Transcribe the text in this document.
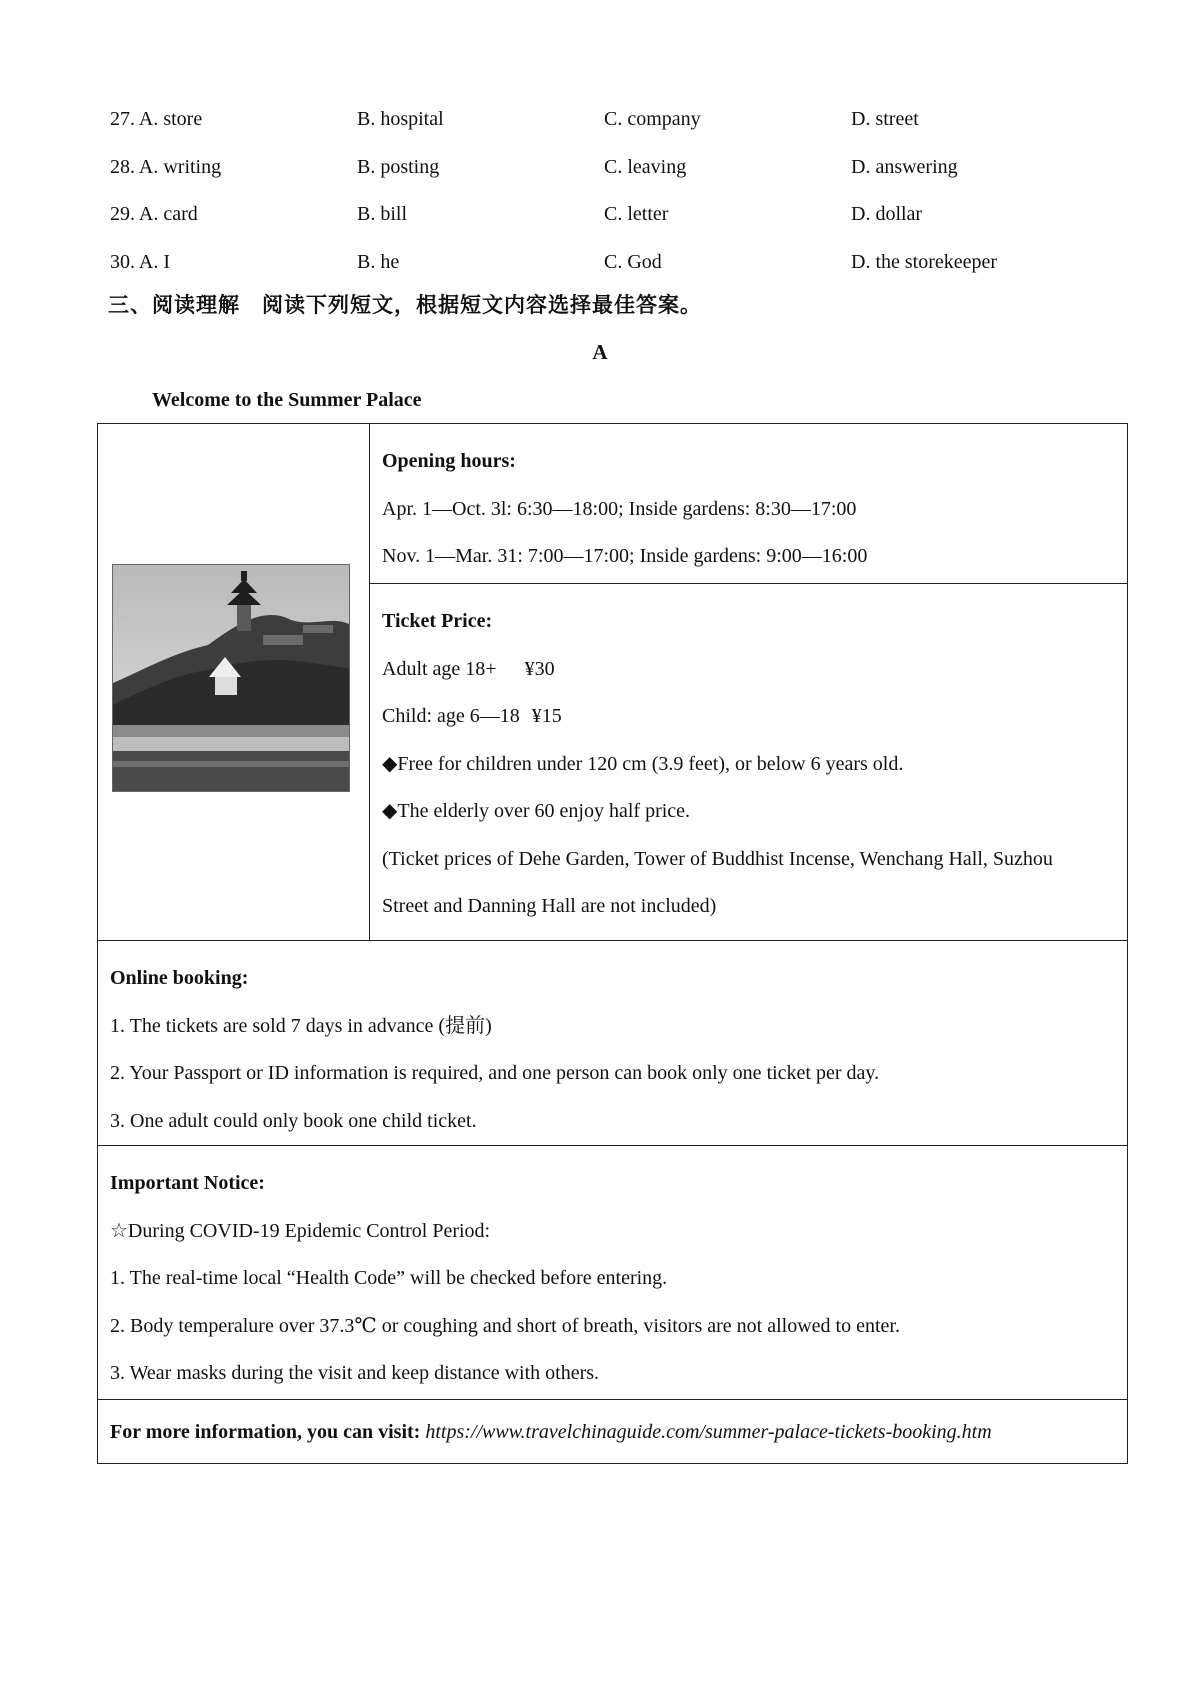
27. A. store	B. hospital	C. company	D. street
28. A. writing	B. posting	C. leaving	D. answering
29. A. card	B. bill	C. letter	D. dollar
30. A. I	B. he	C. God	D. the storekeeper
三、阅读理解　阅读下列短文，根据短文内容选择最佳答案。
A
Welcome to the Summer Palace
Opening hours:
Apr. 1—Oct. 3l: 6:30—18:00; Inside gardens: 8:30—17:00
Nov. 1—Mar. 31: 7:00—17:00; Inside gardens: 9:00—16:00
Ticket Price:
Adult age 18+ ¥30
Child: age 6—18 ¥15
◆Free for children under 120 cm (3.9 feet), or below 6 years old.
◆The elderly over 60 enjoy half price.
(Ticket prices of Dehe Garden, Tower of Buddhist Incense, Wenchang Hall, Suzhou
Street and Danning Hall are not included)
Online booking:
1. The tickets are sold 7 days in advance (提前)
2. Your Passport or ID information is required, and one person can book only one ticket per day.
3. One adult could only book one child ticket.
Important Notice:
☆During COVID-19 Epidemic Control Period:
1. The real-time local “Health Code” will be checked before entering.
2. Body temperalure over 37.3℃ or coughing and short of breath, visitors are not allowed to enter.
3. Wear masks during the visit and keep distance with others.
For more information, you can visit: https://www.travelchinaguide.com/summer-palace-tickets-booking.htm
